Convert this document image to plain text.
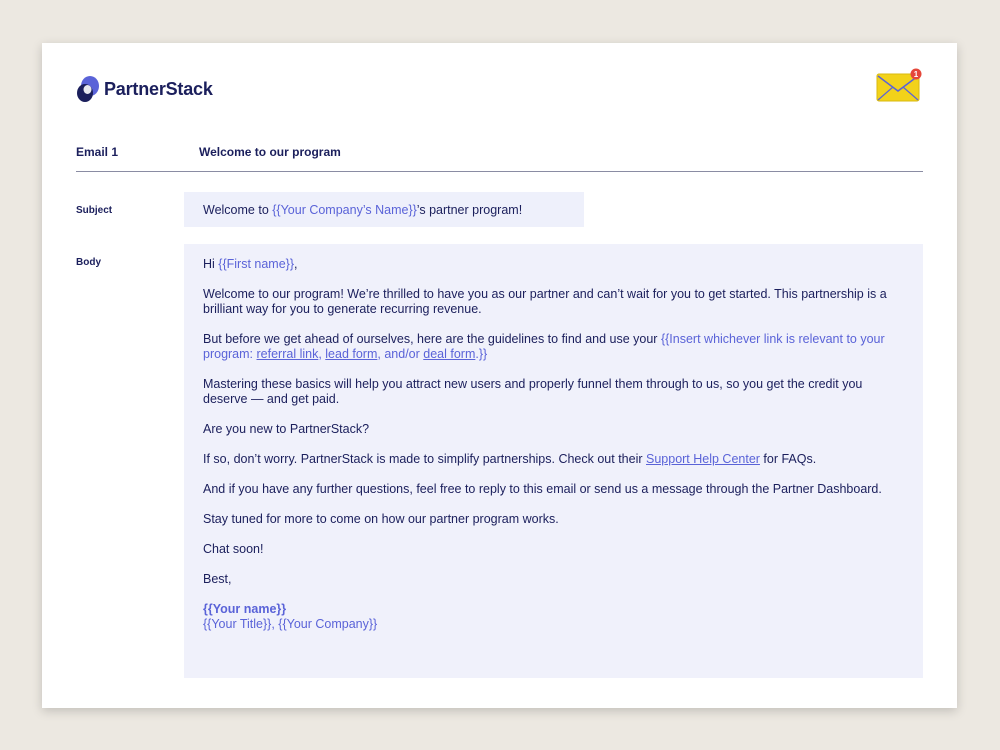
PartnerStack
1
Email 1	Welcome to our program
Subject	Welcome to {{Your Company’s Name}}’s partner program!
Body	Hi {{First name}},

Welcome to our program! We’re thrilled to have you as our partner and can’t wait for you to get started. This partnership is a brilliant way for you to generate recurring revenue.

But before we get ahead of ourselves, here are the guidelines to find and use your {{Insert whichever link is relevant to your program: referral link, lead form, and/or deal form.}}

Mastering these basics will help you attract new users and properly funnel them through to us, so you get the credit you deserve — and get paid.

Are you new to PartnerStack?

If so, don’t worry. PartnerStack is made to simplify partnerships. Check out their Support Help Center for FAQs.

And if you have any further questions, feel free to reply to this email or send us a message through the Partner Dashboard.

Stay tuned for more to come on how our partner program works.

Chat soon!

Best,

{{Your name}}
{{Your Title}}, {{Your Company}}
